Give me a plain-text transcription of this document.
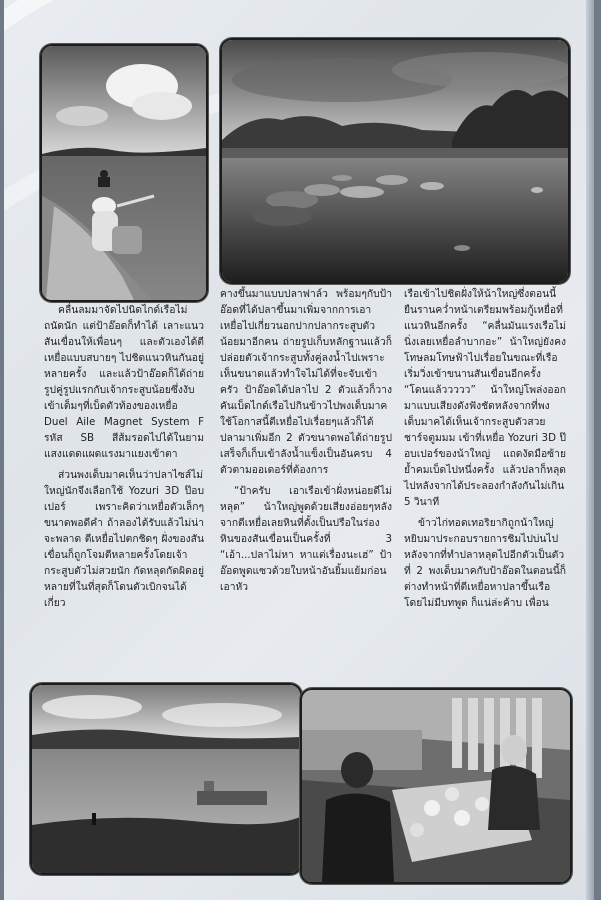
คลื่นลมมาจัดไปนิดไกด์เรือไม่ถนัดนัก แต่ป้าอ๊อดก็ทำได้ เลาะแนวสันเขื่อนให้เพื่อนๆ และตัวเองได้ตีเหยื่อแบบสบายๆ ไปชิดแนวหินกันอยู่หลายครั้ง และแล้วป้าอ๊อดก็ได้ถ่ายรูปคู่รูปแรกกับเจ้ากระสูบน้อยซึ่งงับเข้าเต็มๆที่เบ็ดตัวท้องของเหยื่อ Duel Aile Magnet System F รหัส SB สีส้มรอดไปได้ในยามแสงแดดแผดแรงมาแยงเข้าตา

ส่วนพงเด็บมาคเห็นว่าปลาไซส์ไม่ใหญ่นักจึงเลือกใช้ Yozuri 3D ป๊อบเปอร์ เพราะคิดว่าเหยื่อตัวเล็กๆขนาดพอดีคำ ถ้าลองได้รับแล้วไม่น่าจะพลาด ตีเหยื่อไปตกชิดๆ ฝั่งของสันเขื่อนก็ถูกโจมตีหลายครั้งโดยเจ้ากระสูบตัวไม่สวยนัก กัดหลุดกัดผิดอยู่หลายที่ในที่สุดก็โดนตัวเบิกจนได้ เกี่ยว

คางขึ้นมาแบบปลาฟาล์ว พร้อมๆกับป้าอ๊อดที่ได้ปลาขึ้นมาเพิ่มจากการเอาเหยื่อไปเกี่ยวนอกปากปลากระสูบตัวน้อยมาอีกคน ถ่ายรูปเก็บหลักฐานแล้วก็ปล่อยตัวเจ้ากระสูบทั้งคู่ลงน้ำไปเพราะเห็นขนาดแล้วทำใจไม่ได้ที่จะจับเข้าครัว ป้าอ๊อดได้ปลาไป 2 ตัวแล้วก็วางคันเบ็ดไกด์เรือไปกินข้าวไปพงเด็บมาคใช้โอกาสนี้ตีเหยื่อไปเรื่อยๆแล้วก็ได้ปลามาเพิ่มอีก 2 ตัวขนาดพอได้ถ่ายรูปเสร็จก็เก็บเข้าลังน้ำแข็งเป็นอันครบ 4 ตัวตามออเดอร์ที่ต้องการ

“ป้าครับ เอาเรือเข้าฝั่งหน่อยดีไม่หลุด” น้าใหญ่พูดด้วยเสียงอ่อยๆหลังจากตีเหยื่อเลยหินที่ตั้งเป็นปรือในร่องหินของสันเขื่อนเป็นครั้งที่ 3 “เอ้า...ปลาไม่หา หาแต่เรื่องนะเฮ่” ป้าอ๊อดพูดแซวด้วยใบหน้าอันยิ้มแย้มก่อนเอาหัว

เรือเข้าไปชิดฝั่งให้น้าใหญ่ซึ่งตอนนี้ยืนรานคว่ำหน้าเตรียมพร้อมกู้เหยื่อที่แนวหินอีกครั้ง “คลื่นมันแรงเรือไม่นิ่งเลยเหยื่อลำบากอะ” น้าใหญ่ยังคงโทษลมโทษฟ้าไปเรื่อยในขณะที่เรือเริ่มวิ่งเข้าขนานสันเขื่อนอีกครั้ง “โดนแล้ววววว” น้าใหญ่โพล่งออกมาแบบเสียงดังฟังชัดหลังจากที่พงเด็บมาคได้เห็นเจ้ากระสูบตัวสวยชาร์จตูมมม เข้าที่เหยื่อ Yozuri 3D ป๊อบเปอร์ของน้าใหญ่ แถดงัดมือซ้ายย้ำคมเบ็ดไปหนึ่งครั้ง แล้วปลาก็หลุดไปหลังจากได้ประลองกำลังกันไม่เกิน 5 วินาที

ข้าวไก่ทอดเทอริยากิถูกน้าใหญ่หยิบมาประกอบรายการชิมไปบ่นไป หลังจากที่ทำปลาหลุดไปอีกตัวเป็นตัวที่ 2 พงเด็บมาคกับป้าอ๊อดในตอนนี้ก็ต่างทำหน้าที่ตีเหยื่อหาปลาขึ้นเรือโดยไม่มีบทพูด ก็แน่ล่ะค้าบ เพื่อน
